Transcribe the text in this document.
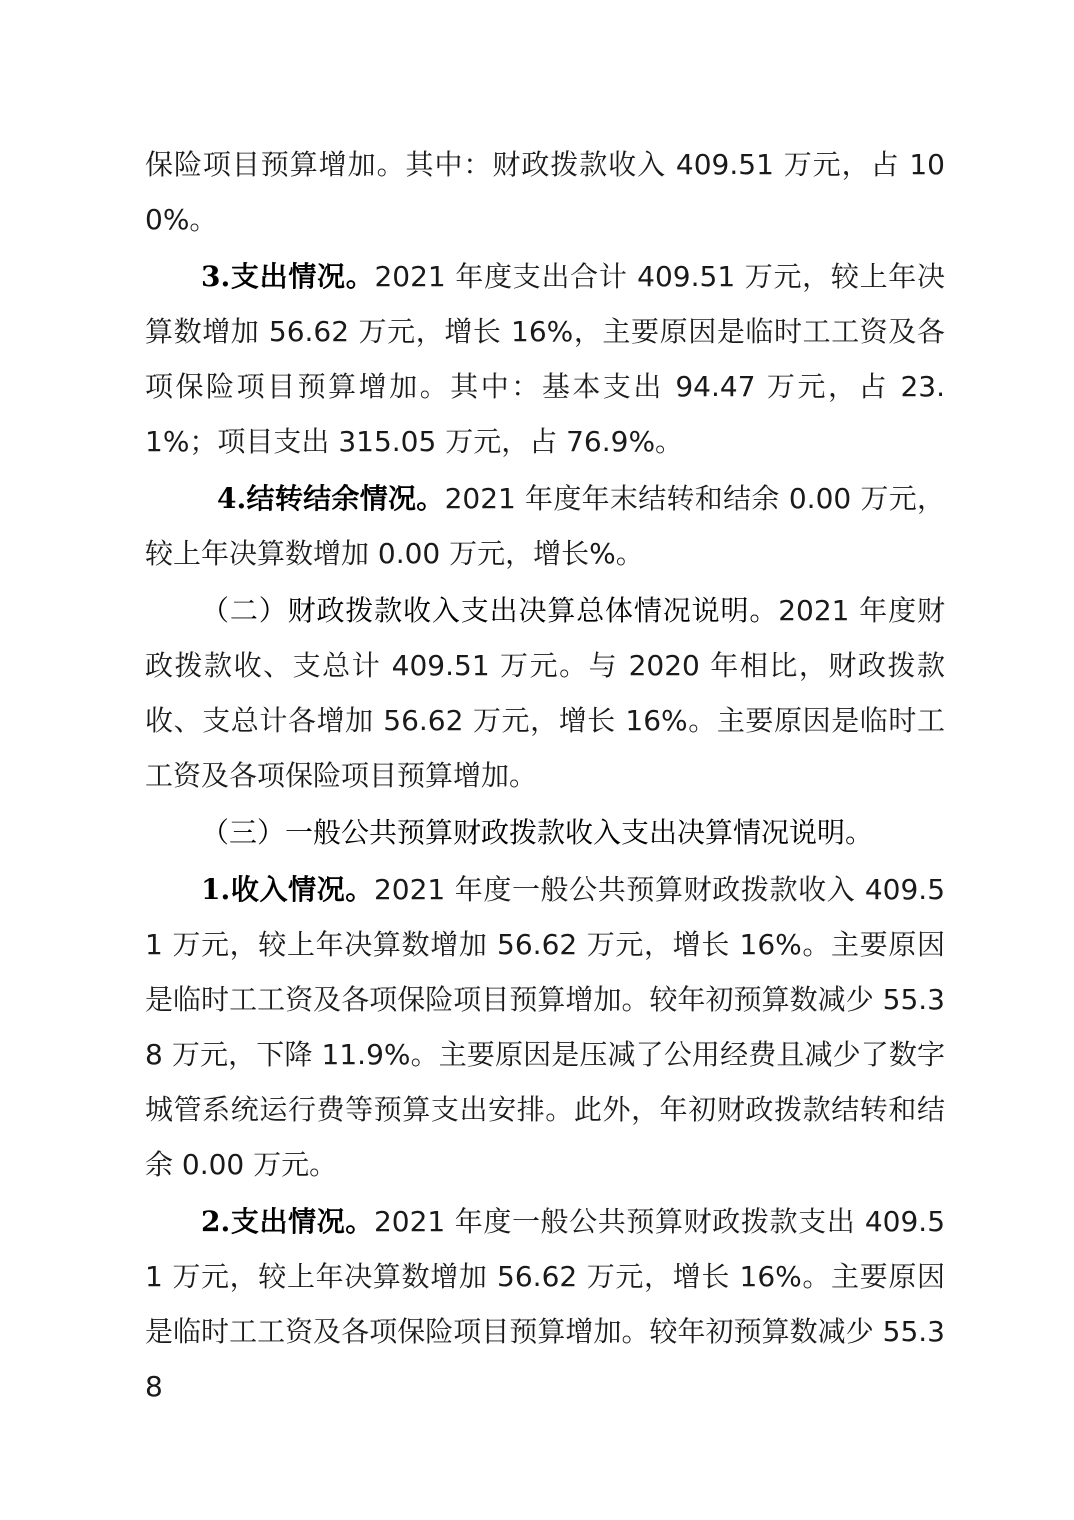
保险项目预算增加。其中：财政拨款收入 409.51 万元，占 100%。

3.支出情况。2021 年度支出合计 409.51 万元，较上年决算数增加 56.62 万元，增长 16%，主要原因是临时工工资及各项保险项目预算增加。其中：基本支出 94.47 万元，占 23.1%；项目支出 315.05 万元，占 76.9%。

4.结转结余情况。2021 年度年末结转和结余 0.00 万元，较上年决算数增加 0.00 万元，增长%。

（二）财政拨款收入支出决算总体情况说明。2021 年度财政拨款收、支总计 409.51 万元。与 2020 年相比，财政拨款收、支总计各增加 56.62 万元，增长 16%。主要原因是临时工工资及各项保险项目预算增加。

（三）一般公共预算财政拨款收入支出决算情况说明。

1.收入情况。2021 年度一般公共预算财政拨款收入 409.51 万元，较上年决算数增加 56.62 万元，增长 16%。主要原因是临时工工资及各项保险项目预算增加。较年初预算数减少 55.38 万元，下降 11.9%。主要原因是压减了公用经费且减少了数字城管系统运行费等预算支出安排。此外，年初财政拨款结转和结余 0.00 万元。

2.支出情况。2021 年度一般公共预算财政拨款支出 409.51 万元，较上年决算数增加 56.62 万元，增长 16%。主要原因是临时工工资及各项保险项目预算增加。较年初预算数减少 55.38
